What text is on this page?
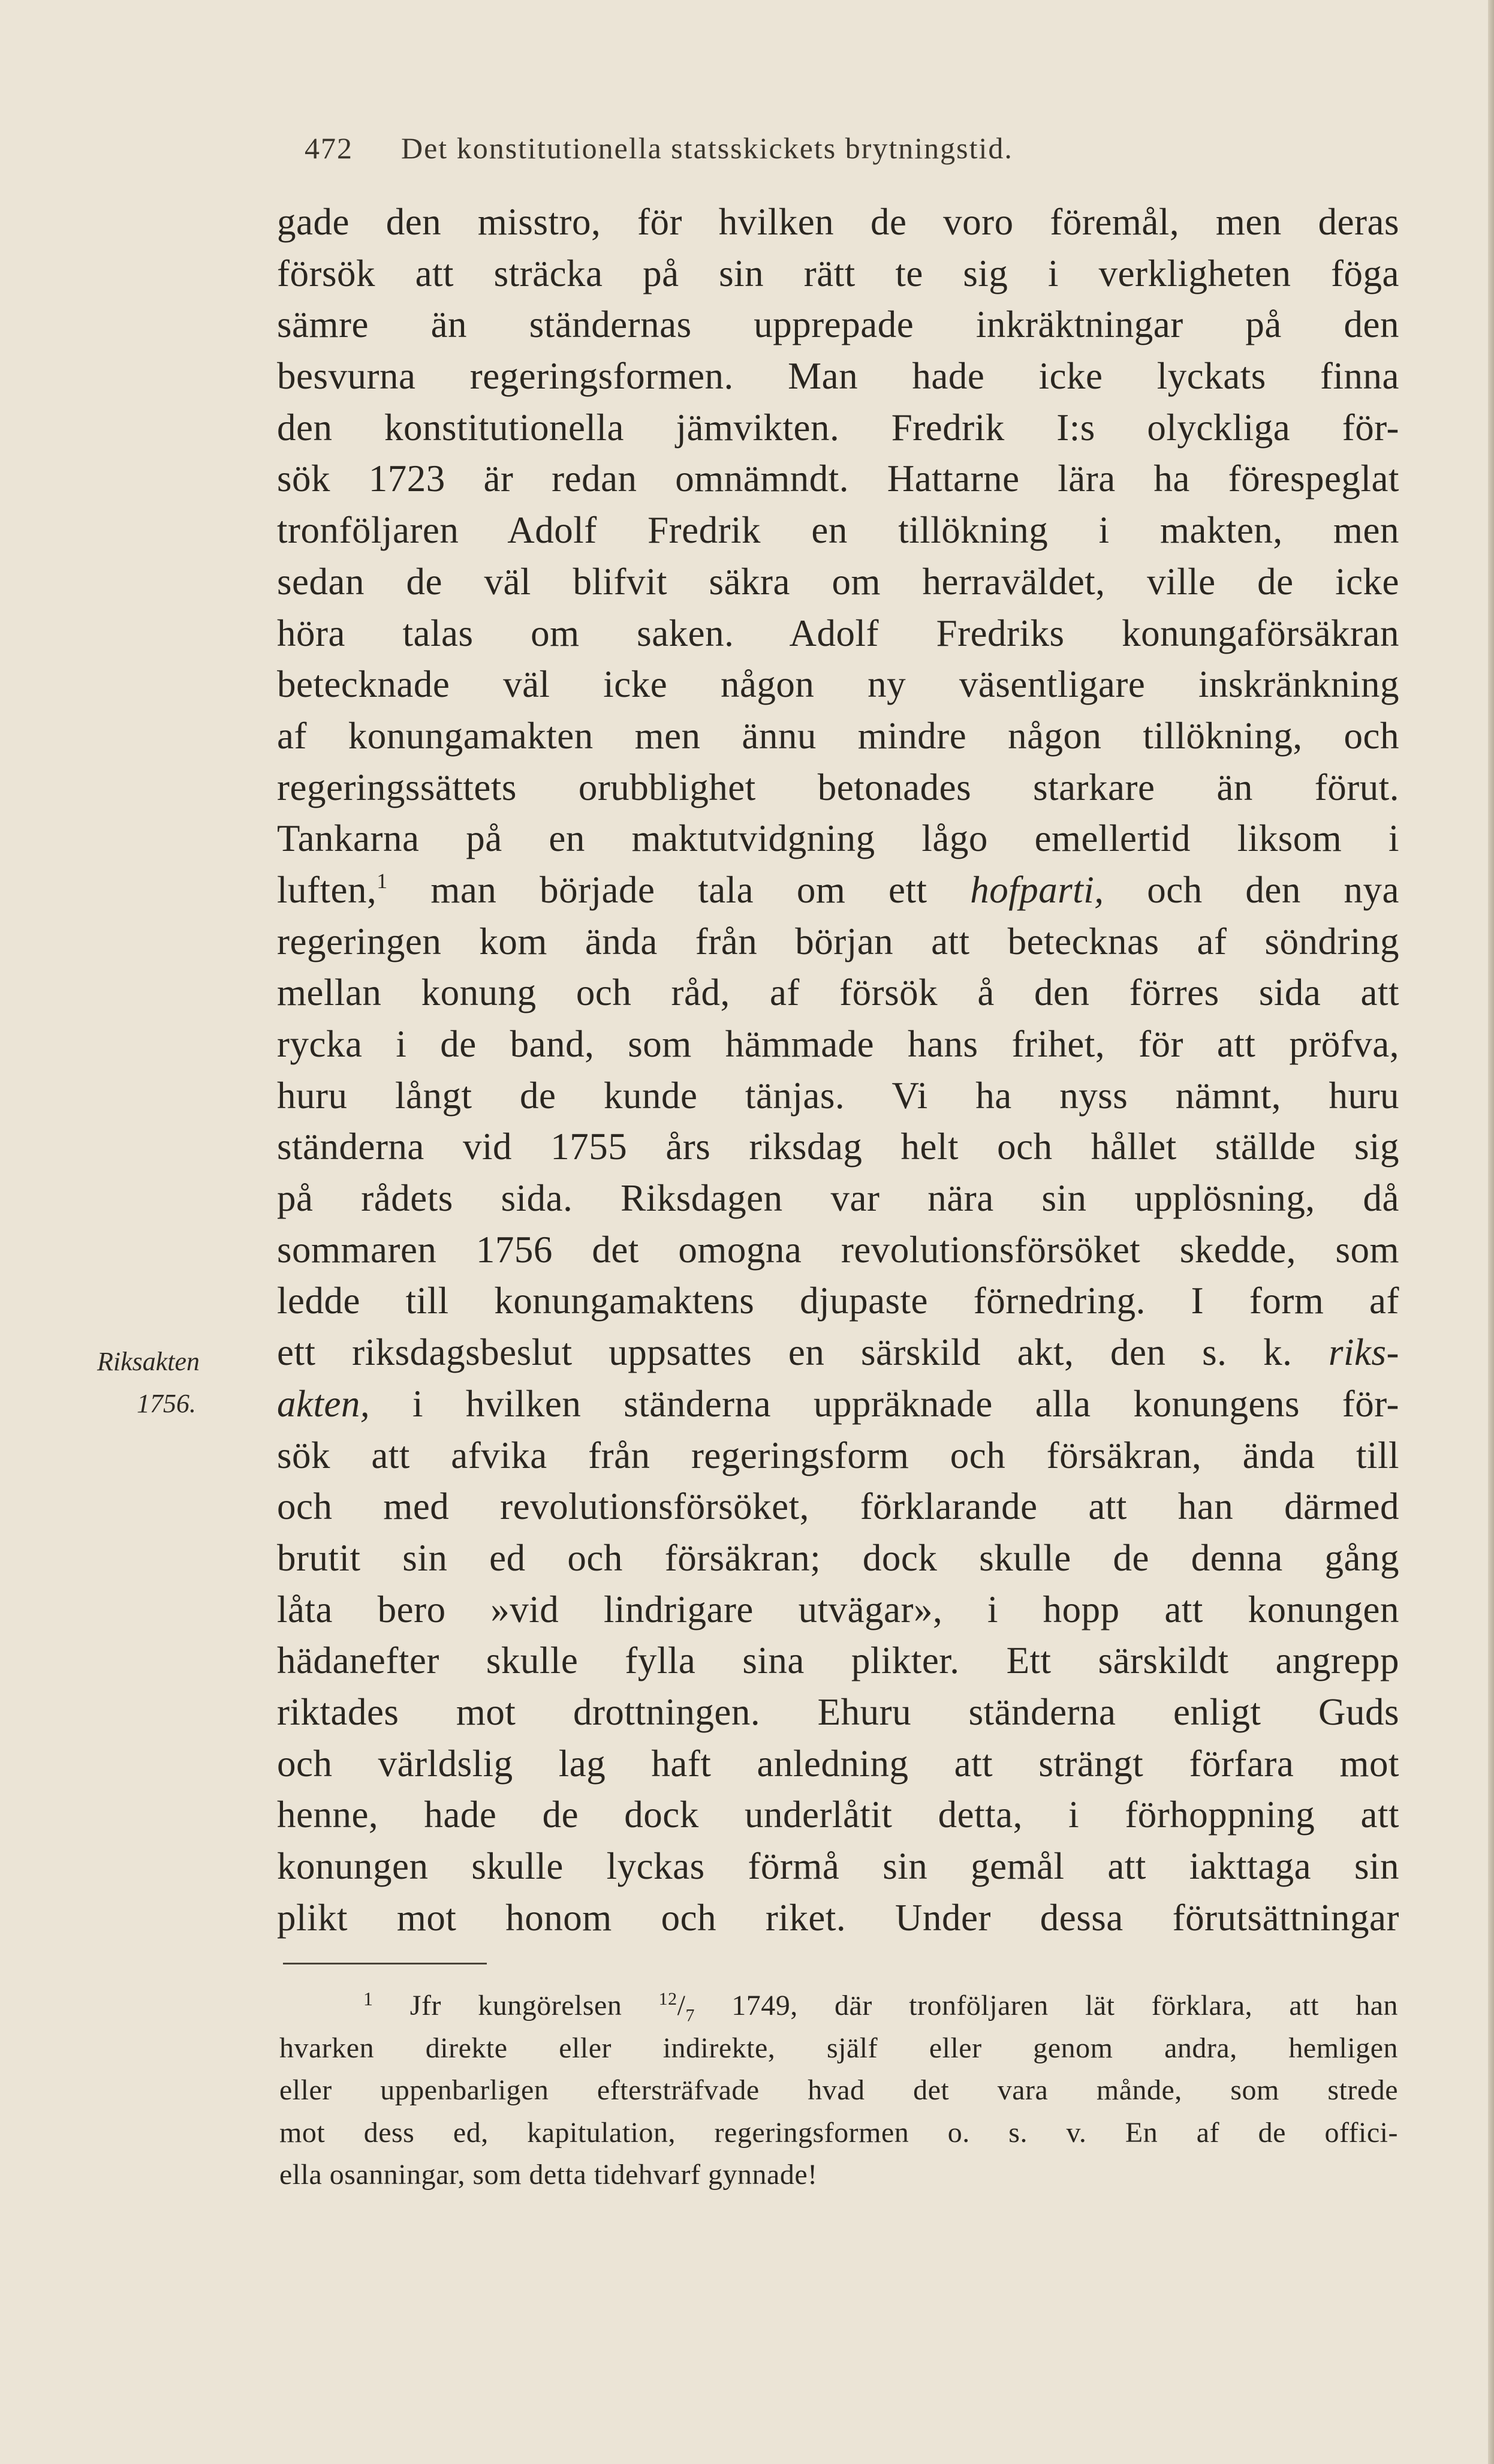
472 Det konstitutionella statsskickets brytningstid.
Riksakten
1756.
gade den misstro, för hvilken de voro föremål, men deras
försök att sträcka på sin rätt te sig i verkligheten föga
sämre än ständernas upprepade inkräktningar på den
besvurna regeringsformen. Man hade icke lyckats finna
den konstitutionella jämvikten. Fredrik I:s olyckliga för-
sök 1723 är redan omnämndt. Hattarne lära ha förespeglat
tronföljaren Adolf Fredrik en tillökning i makten, men
sedan de väl blifvit säkra om herraväldet, ville de icke
höra talas om saken. Adolf Fredriks konungaförsäkran
betecknade väl icke någon ny väsentligare inskränkning
af konungamakten men ännu mindre någon tillökning, och
regeringssättets orubblighet betonades starkare än förut.
Tankarna på en maktutvidgning lågo emellertid liksom i
luften,$^1$ man började tala om ett hofparti, och den nya
regeringen kom ända från början att betecknas af söndring
mellan konung och råd, af försök å den förres sida att
rycka i de band, som hämmade hans frihet, för att pröfva,
huru långt de kunde tänjas. Vi ha nyss nämnt, huru
ständerna vid 1755 års riksdag helt och hållet ställde sig
på rådets sida. Riksdagen var nära sin upplösning, då
sommaren 1756 det omogna revolutionsförsöket skedde, som
ledde till konungamaktens djupaste förnedring. I form af
ett riksdagsbeslut uppsattes en särskild akt, den s. k. riks-
akten, i hvilken ständerna uppräknade alla konungens för-
sök att afvika från regeringsform och försäkran, ända till
och med revolutionsförsöket, förklarande att han därmed
brutit sin ed och försäkran; dock skulle de denna gång
låta bero »vid lindrigare utvägar», i hopp att konungen
hädanefter skulle fylla sina plikter. Ett särskildt angrepp
riktades mot drottningen. Ehuru ständerna enligt Guds
och världslig lag haft anledning att strängt förfara mot
henne, hade de dock underlåtit detta, i förhoppning att
konungen skulle lyckas förmå sin gemål att iakttaga sin
plikt mot honom och riket. Under dessa förutsättningar
1 Jfr kungörelsen $^{12}/_7$ 1749, där tronföljaren lät förklara, att han
hvarken direkte eller indirekte, själf eller genom andra, hemligen
eller uppenbarligen eftersträfvade hvad det vara månde, som strede
mot dess ed, kapitulation, regeringsformen o. s. v. En af de offici-
ella osanningar, som detta tidehvarf gynnade!
